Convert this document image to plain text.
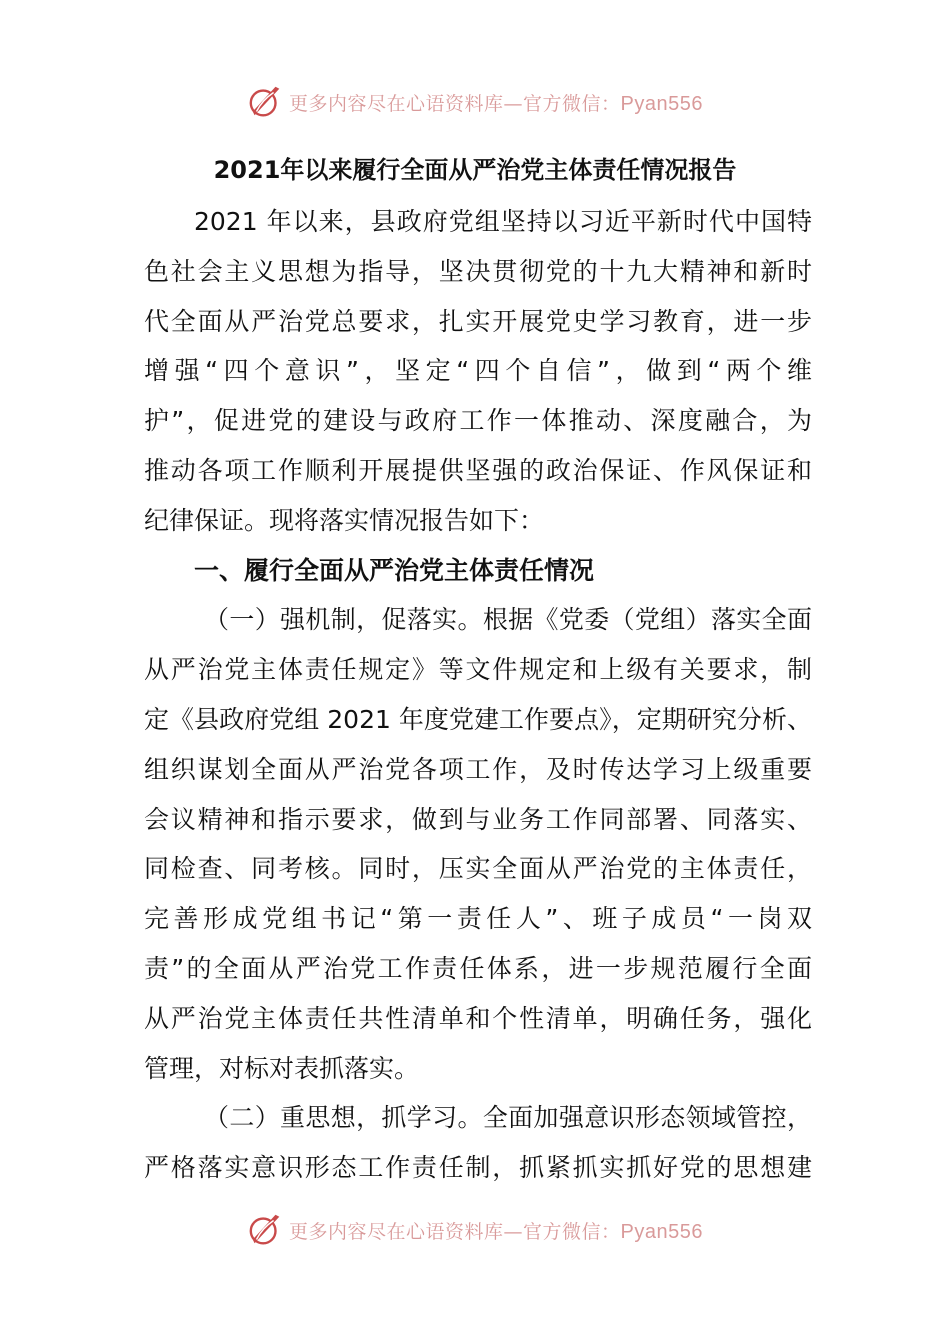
更多内容尽在心语资料库—官方微信：Pyan556
2021年以来履行全面从严治党主体责任情况报告
2021 年以来，县政府党组坚持以习近平新时代中国特
色社会主义思想为指导，坚决贯彻党的十九大精神和新时
代全面从严治党总要求，扎实开展党史学习教育，进一步
增强“四个意识”，坚定“四个自信”，做到“两个维
护”，促进党的建设与政府工作一体推动、深度融合，为
推动各项工作顺利开展提供坚强的政治保证、作风保证和
纪律保证。现将落实情况报告如下：
一、履行全面从严治党主体责任情况
（一）强机制，促落实。根据《党委（党组）落实全面
从严治党主体责任规定》等文件规定和上级有关要求，制
定《县政府党组 2021 年度党建工作要点》，定期研究分析、
组织谋划全面从严治党各项工作，及时传达学习上级重要
会议精神和指示要求，做到与业务工作同部署、同落实、
同检查、同考核。同时，压实全面从严治党的主体责任，
完善形成党组书记“第一责任人”、班子成员“一岗双
责”的全面从严治党工作责任体系，进一步规范履行全面
从严治党主体责任共性清单和个性清单，明确任务，强化
管理，对标对表抓落实。
（二）重思想，抓学习。全面加强意识形态领域管控，
严格落实意识形态工作责任制，抓紧抓实抓好党的思想建
更多内容尽在心语资料库—官方微信：Pyan556
